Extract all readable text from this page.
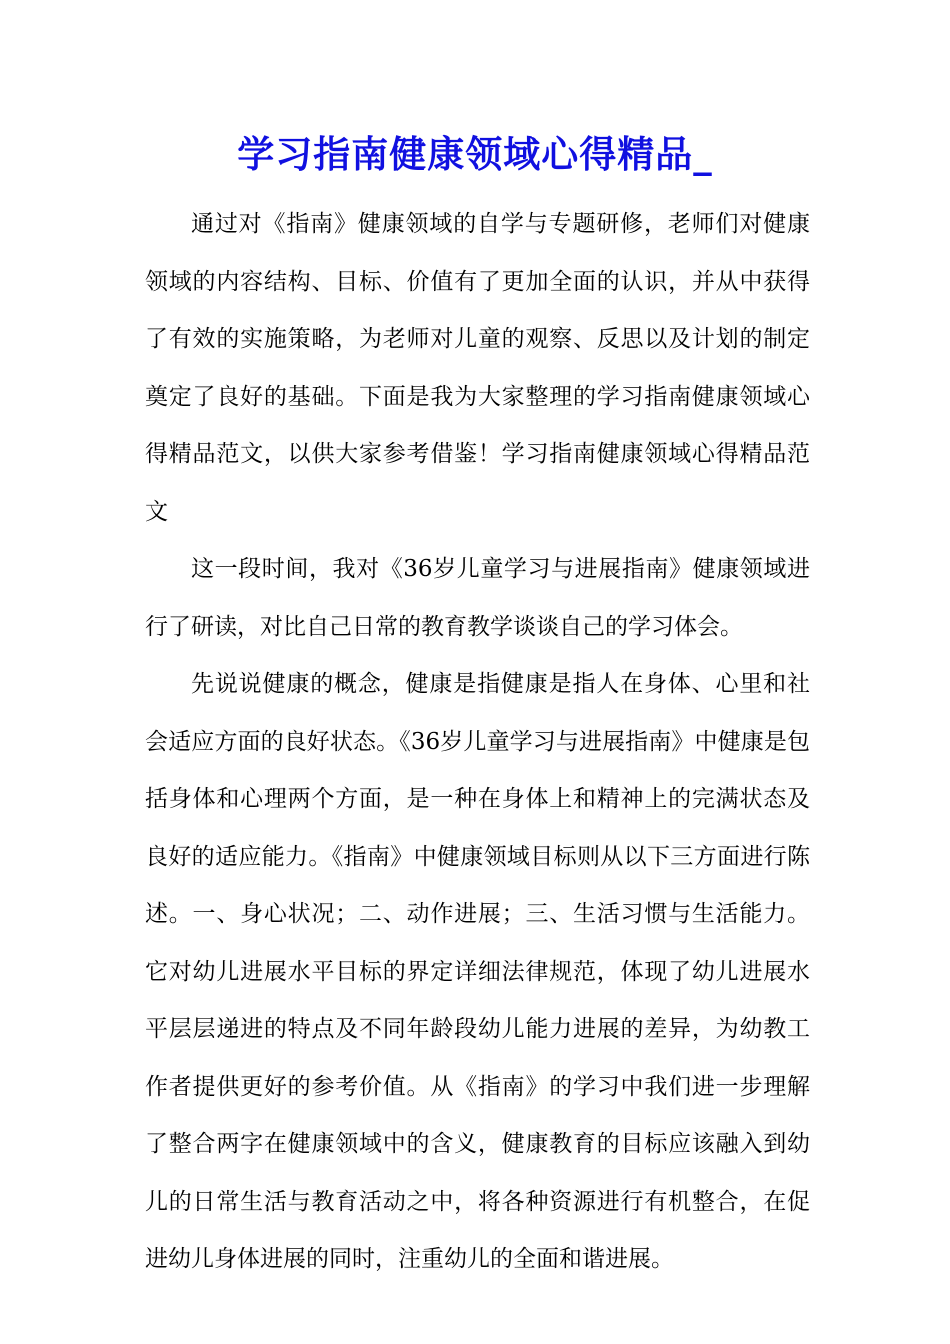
学习指南健康领域心得精品_

通过对《指南》健康领域的自学与专题研修，老师们对健康领域的内容结构、目标、价值有了更加全面的认识，并从中获得了有效的实施策略，为老师对儿童的观察、反思以及计划的制定奠定了良好的基础。下面是我为大家整理的学习指南健康领域心得精品范文，以供大家参考借鉴！学习指南健康领域心得精品范文

这一段时间，我对《36岁儿童学习与进展指南》健康领域进行了研读，对比自己日常的教育教学谈谈自己的学习体会。

先说说健康的概念，健康是指健康是指人在身体、心里和社会适应方面的良好状态。《36岁儿童学习与进展指南》中健康是包括身体和心理两个方面，是一种在身体上和精神上的完满状态及良好的适应能力。《指南》中健康领域目标则从以下三方面进行陈述。一、身心状况；二、动作进展；三、生活习惯与生活能力。它对幼儿进展水平目标的界定详细法律规范，体现了幼儿进展水平层层递进的特点及不同年龄段幼儿能力进展的差异，为幼教工作者提供更好的参考价值。从《指南》的学习中我们进一步理解了整合两字在健康领域中的含义，健康教育的目标应该融入到幼儿的日常生活与教育活动之中，将各种资源进行有机整合，在促进幼儿身体进展的同时，注重幼儿的全面和谐进展。
